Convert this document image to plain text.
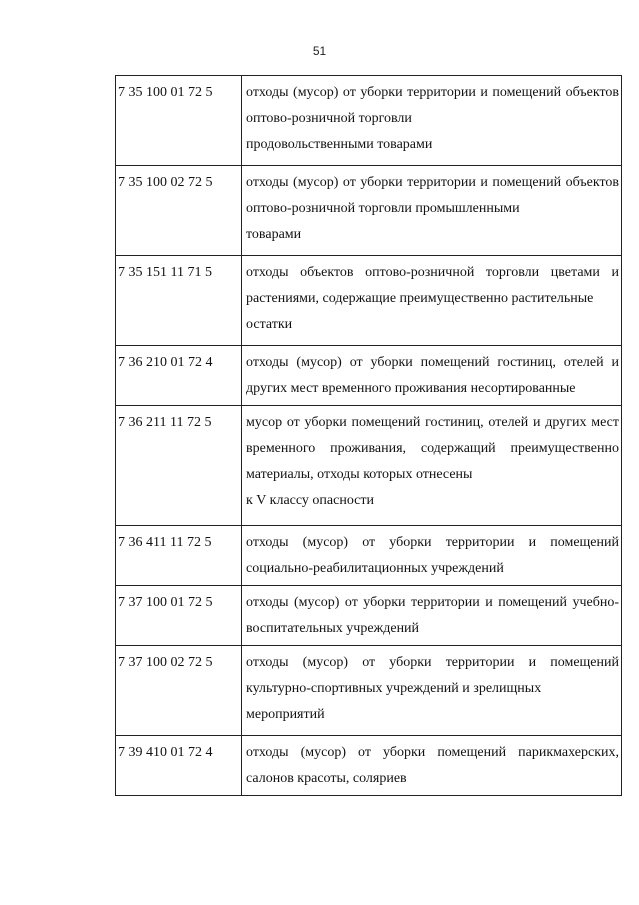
51
7 35 100 01 72 5	отходы (мусор) от уборки территории и помещений объектов оптово-розничной торговли
продовольственными товарами

7 35 100 02 72 5	отходы (мусор) от уборки территории и помещений объектов оптово-розничной торговли промышленными
товарами

7 35 151 11 71 5	отходы объектов оптово-розничной торговли цветами и растениями, содержащие преимущественно растительные
остатки

7 36 210 01 72 4	отходы (мусор) от уборки помещений гостиниц, отелей и других мест временного проживания несортированные

7 36 211 11 72 5	мусор от уборки помещений гостиниц, отелей и других мест временного проживания, содержащий преимущественно материалы, отходы которых отнесены
к V классу опасности

7 36 411 11 72 5	отходы (мусор) от уборки территории и помещений социально-реабилитационных учреждений

7 37 100 01 72 5	отходы (мусор) от уборки территории и помещений учебно-воспитательных учреждений

7 37 100 02 72 5	отходы (мусор) от уборки территории и помещений культурно-спортивных учреждений и зрелищных
мероприятий

7 39 410 01 72 4	отходы (мусор) от уборки помещений парикмахерских, салонов красоты, соляриев
